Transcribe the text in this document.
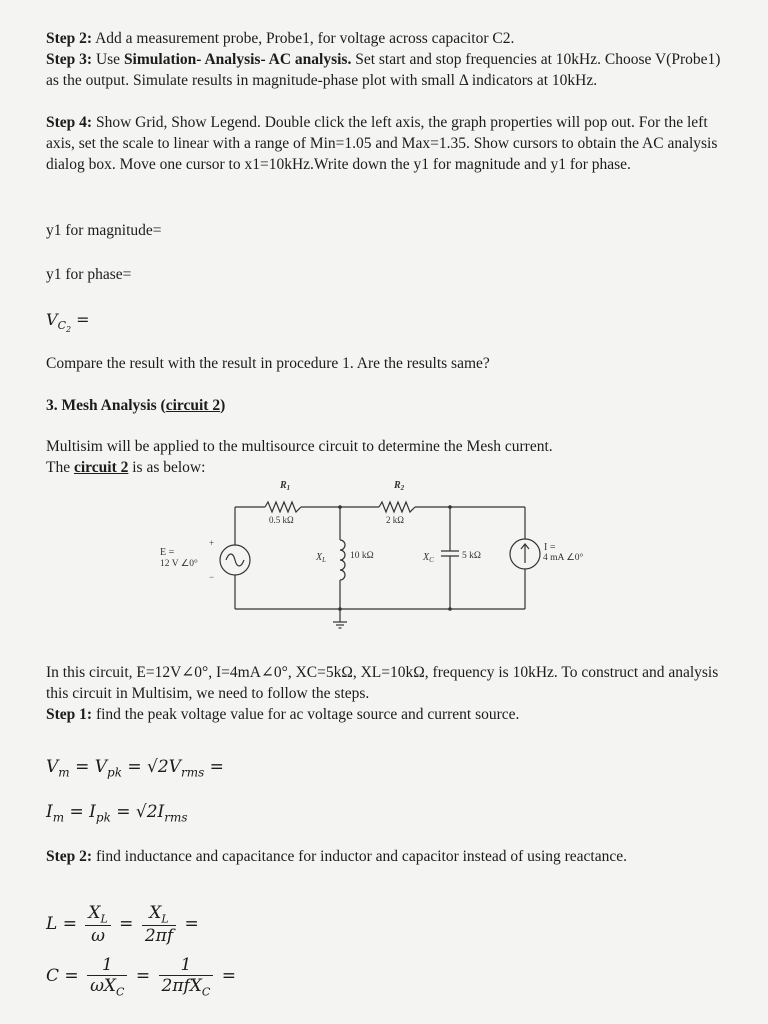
Step 2: Add a measurement probe, Probe1, for voltage across capacitor C2.
Step 3: Use Simulation- Analysis- AC analysis. Set start and stop frequencies at 10kHz. Choose V(Probe1) as the output. Simulate results in magnitude-phase plot with small Δ indicators at 10kHz.
Step 4: Show Grid, Show Legend. Double click the left axis, the graph properties will pop out. For the left axis, set the scale to linear with a range of Min=1.05 and Max=1.35. Show cursors to obtain the AC analysis dialog box. Move one cursor to x1=10kHz.Write down the y1 for magnitude and y1 for phase.
y1 for magnitude=
y1 for phase=
$V_{C_2}$ =
Compare the result with the result in procedure 1. Are the results same?
3. Mesh Analysis (circuit 2)
Multisim will be applied to the multisource circuit to determine the Mesh current.
The circuit 2 is as below:
+
−
$R_1$
0.5 kΩ
$R_2$
2 kΩ
E =
12 V ∠0°
$X_L$	10 kΩ	$X_C$	5 kΩ
I =
4 mA ∠0°
In this circuit, E=12V∠0°, I=4mA∠0°, XC=5kΩ, XL=10kΩ, frequency is 10kHz. To construct and analysis this circuit in Multisim, we need to follow the steps.
Step 1: find the peak voltage value for ac voltage source and current source.
$V_m = V_{pk} = √2V_{rms}$ =
$I_m = I_{pk} = √2I_{rms}$
Step 2: find inductance and capacitance for inductor and capacitor instead of using reactance.
$L = \frac{X_L}{\omega} = \frac{X_L}{2\pi f}$ =
$C = \frac{1}{\omega X_C} = \frac{1}{2\pi fX_C}$ =
